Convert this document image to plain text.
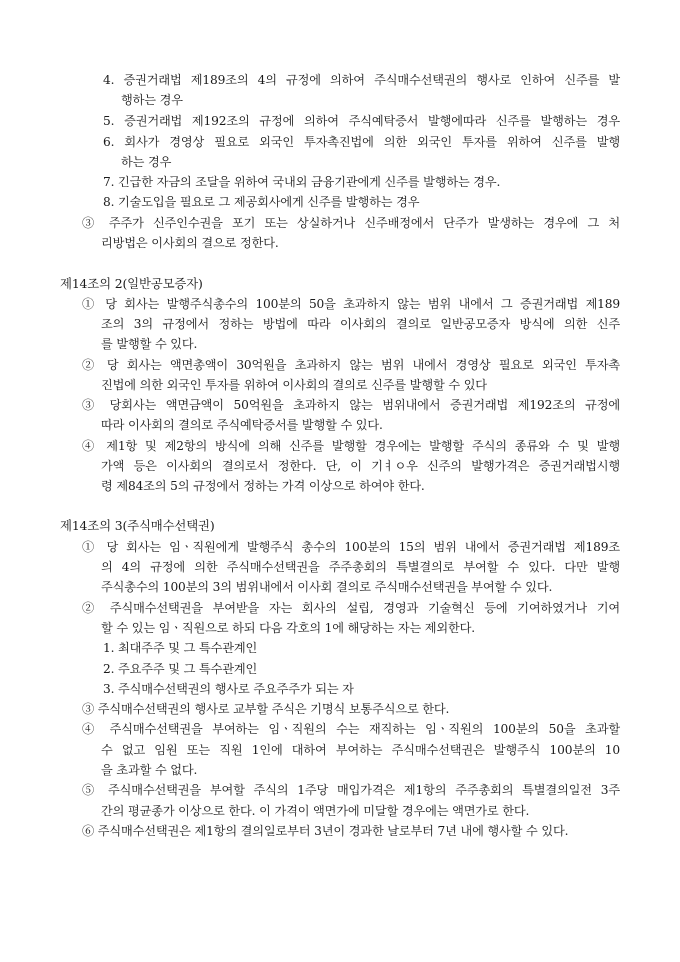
4. 증권거래법 제189조의 4의 규정에 의하여 주식매수선택권의 행사로 인하여 신주를 발
행하는 경우
5. 증권거래법 제192조의 규정에 의하여 주식예탁증서 발행에따라 신주를 발행하는 경우
6. 회사가 경영상 필요로 외국인 투자촉진법에 의한 외국인 투자를 위하여 신주를 발행
하는 경우
7. 긴급한 자금의 조달을 위하여 국내외 금융기관에게 신주를 발행하는 경우.
8. 기술도입을 필요로 그 제공회사에게 신주를 발행하는 경우
③ 주주가 신주인수권을 포기 또는 상실하거나 신주배정에서 단주가 발생하는 경우에 그 처
리방법은 이사회의 결으로 정한다.
제14조의 2(일반공모증자)
① 당 회사는 발행주식총수의 100분의 50을 초과하지 않는 범위 내에서 그 증권거래법 제189
조의 3의 규정에서 정하는 방법에 따라 이사회의 결의로 일반공모증자 방식에 의한 신주
를 발행할 수 있다.
② 당 회사는 액면총액이 30억원을 초과하지 않는 범위 내에서 경영상 필요로 외국인 투자촉
진법에 의한 외국인 투자를 위하여 이사회의 결의로 신주를 발행할 수 있다
③ 당회사는 액면금액이 50억원을 초과하지 않는 범위내에서 증권거래법 제192조의 규정에
따라 이사회의 결의로 주식예탁증서를 발행할 수 있다.
④ 제1항 및 제2항의 방식에 의해 신주를 발행할 경우에는 발행할 주식의 종류와 수 및 발행
가액 등은 이사회의 결의로서 정한다. 단, 이 기ㅕㅇ우 신주의 발행가격은 증권거래법시행
령 제84조의 5의 규정에서 정하는 가격 이상으로 하여야 한다.
제14조의 3(주식매수선택권)
① 당 회사는 임ㆍ직원에게 발행주식 총수의 100분의 15의 범위 내에서 증권거래법 제189조
의 4의 규정에 의한 주식매수선택권을 주주총회의 특별결의로 부여할 수 있다. 다만 발행
주식총수의 100분의 3의 범위내에서 이사회 결의로 주식매수선택권을 부여할 수 있다.
② 주식매수선택권을 부여받을 자는 회사의 설립, 경영과 기술혁신 등에 기여하였거나 기여
할 수 있는 임ㆍ직원으로 하되 다음 각호의 1에 해당하는 자는 제외한다.
1. 최대주주 및 그 특수관계인
2. 주요주주 및 그 특수관계인
3. 주식매수선택권의 행사로 주요주주가 되는 자
③ 주식매수선택권의 행사로 교부할 주식은 기명식 보통주식으로 한다.
④ 주식매수선택권을 부여하는 임ㆍ직원의 수는 재직하는 임ㆍ직원의 100분의 50을 초과할
수 없고 임원 또는 직원 1인에 대하여 부여하는 주식매수선택권은 발행주식 100분의 10
을 초과할 수 없다.
⑤ 주식매수선택권을 부여할 주식의 1주당 매입가격은 제1항의 주주총회의 특별결의일전 3주
간의 평균종가 이상으로 한다. 이 가격이 액면가에 미달할 경우에는 액면가로 한다.
⑥ 주식매수선택권은 제1항의 결의일로부터 3년이 경과한 날로부터 7년 내에 행사할 수 있다.
